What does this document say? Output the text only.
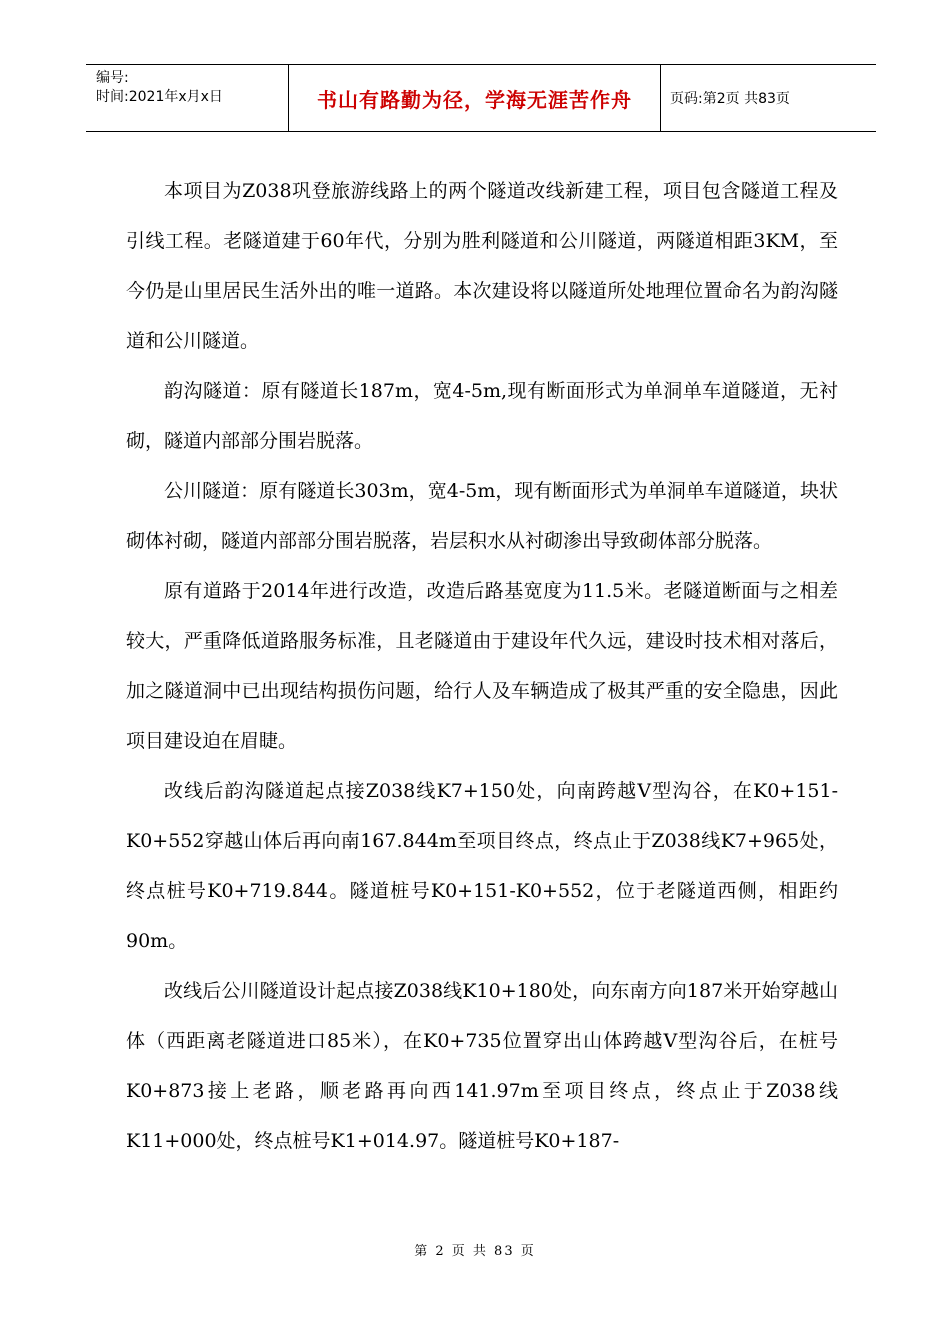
编号:
时间:2021年x月x日	书山有路勤为径，学海无涯苦作舟	页码:第2页 共83页

本项目为Z038巩登旅游线路上的两个隧道改线新建工程，项目包含隧道工程及引线工程。老隧道建于60年代，分别为胜利隧道和公川隧道，两隧道相距3KM，至今仍是山里居民生活外出的唯一道路。本次建设将以隧道所处地理位置命名为韵沟隧道和公川隧道。

韵沟隧道：原有隧道长187m，宽4-5m,现有断面形式为单洞单车道隧道，无衬砌，隧道内部部分围岩脱落。

公川隧道：原有隧道长303m，宽4-5m，现有断面形式为单洞单车道隧道，块状砌体衬砌，隧道内部部分围岩脱落，岩层积水从衬砌渗出导致砌体部分脱落。

原有道路于2014年进行改造，改造后路基宽度为11.5米。老隧道断面与之相差较大，严重降低道路服务标准，且老隧道由于建设年代久远，建设时技术相对落后，加之隧道洞中已出现结构损伤问题，给行人及车辆造成了极其严重的安全隐患，因此项目建设迫在眉睫。

改线后韵沟隧道起点接Z038线K7+150处，向南跨越V型沟谷，在K0+151-K0+552穿越山体后再向南167.844m至项目终点，终点止于Z038线K7+965处，终点桩号K0+719.844。隧道桩号K0+151-K0+552，位于老隧道西侧，相距约90m。

改线后公川隧道设计起点接Z038线K10+180处，向东南方向187米开始穿越山体（西距离老隧道进口85米），在K0+735位置穿出山体跨越V型沟谷后，在桩号K0+873接上老路，顺老路再向西141.97m至项目终点，终点止于Z038线K11+000处，终点桩号K1+014.97。隧道桩号K0+187-

第 2 页 共 83 页
